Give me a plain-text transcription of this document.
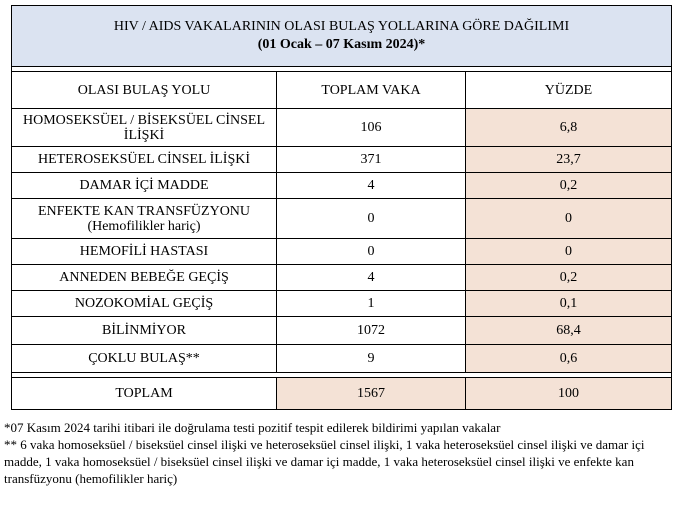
HIV / AIDS VAKALARININ OLASI BULAŞ YOLLARINA GÖRE DAĞILIMI
(01 Ocak – 07 Kasım 2024)*		

OLASI BULAŞ YOLU	TOPLAM VAKA	YÜZDE

HOMOSEKSÜEL / BİSEKSÜEL CİNSEL İLİŞKİ	106	6,8

HETEROSEKSÜEL CİNSEL İLİŞKİ	371	23,7

DAMAR İÇİ MADDE	4	0,2

ENFEKTE KAN TRANSFÜZYONU
(Hemofilikler hariç)	0	0

HEMOFİLİ HASTASI	0	0

ANNEDEN BEBEĞE GEÇİŞ	4	0,2

NOZOKOMİAL GEÇİŞ	1	0,1

BİLİNMİYOR	1072	68,4

ÇOKLU BULAŞ**	9	0,6

TOPLAM	1567	100
*07 Kasım 2024 tarihi itibari ile doğrulama testi pozitif tespit edilerek bildirimi yapılan vakalar
** 6 vaka homoseksüel / biseksüel cinsel ilişki ve heteroseksüel cinsel ilişki, 1 vaka heteroseksüel cinsel ilişki ve damar içi madde, 1 vaka homoseksüel / biseksüel cinsel ilişki ve damar içi madde, 1 vaka heteroseksüel cinsel ilişki ve enfekte kan transfüzyonu (hemofilikler hariç)
